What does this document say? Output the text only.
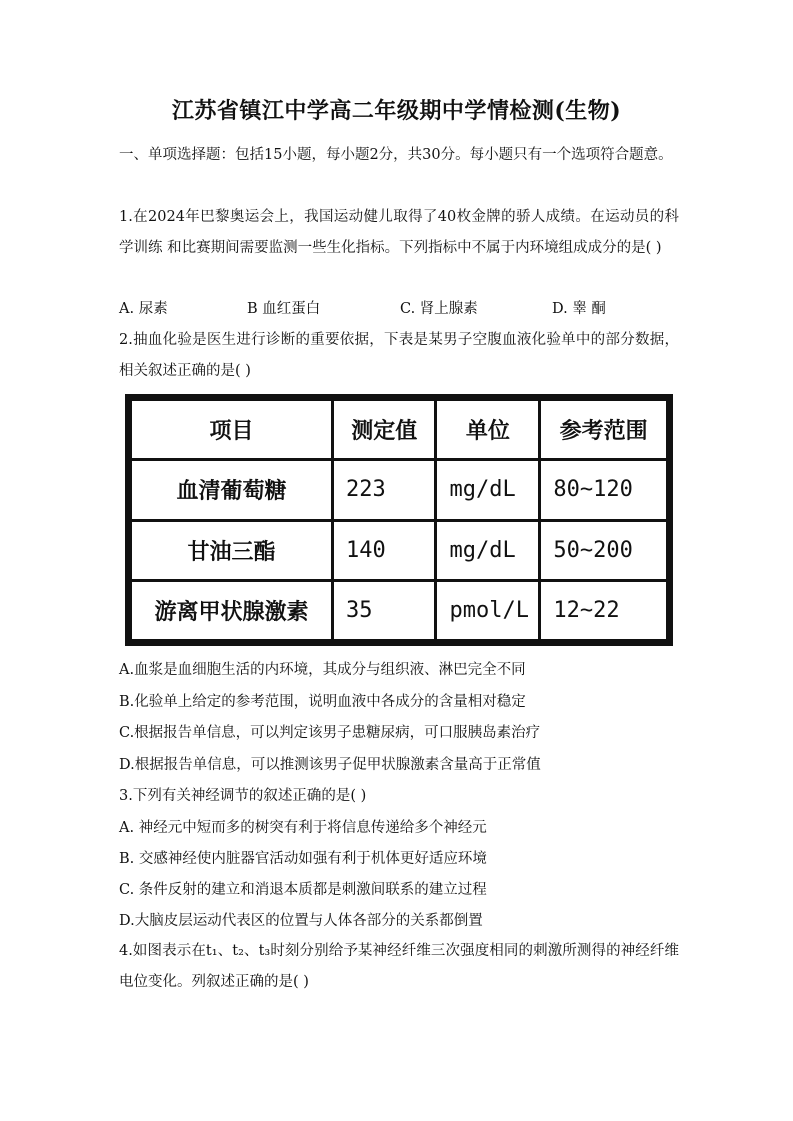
江苏省镇江中学高二年级期中学情检测(生物)
一、单项选择题：包括15小题，每小题2分，共30分。每小题只有一个选项符合题意。
1.在2024年巴黎奥运会上，我国运动健儿取得了40枚金牌的骄人成绩。在运动员的科学训练 和比赛期间需要监测一些生化指标。下列指标中不属于内环境组成成分的是( )
A. 尿素	B 血红蛋白	C. 肾上腺素	D. 睾 酮
2.抽血化验是医生进行诊断的重要依据，下表是某男子空腹血液化验单中的部分数据，相关叙述正确的是( )
项目	测定值	单位	参考范围
血清葡萄糖	223	mg/dL	80~120
甘油三酯	140	mg/dL	50~200
游离甲状腺激素	35	pmol/L	12~22
A.血浆是血细胞生活的内环境，其成分与组织液、淋巴完全不同
B.化验单上给定的参考范围，说明血液中各成分的含量相对稳定
C.根据报告单信息，可以判定该男子患糖尿病，可口服胰岛素治疗
D.根据报告单信息，可以推测该男子促甲状腺激素含量高于正常值
3.下列有关神经调节的叙述正确的是( )
A. 神经元中短而多的树突有利于将信息传递给多个神经元
B. 交感神经使内脏器官活动如强有利于机体更好适应环境
C. 条件反射的建立和消退本质都是刺激间联系的建立过程
D.大脑皮层运动代表区的位置与人体各部分的关系都倒置
4.如图表示在t₁、t₂、t₃时刻分别给予某神经纤维三次强度相同的刺激所测得的神经纤维电位变化。列叙述正确的是( )
